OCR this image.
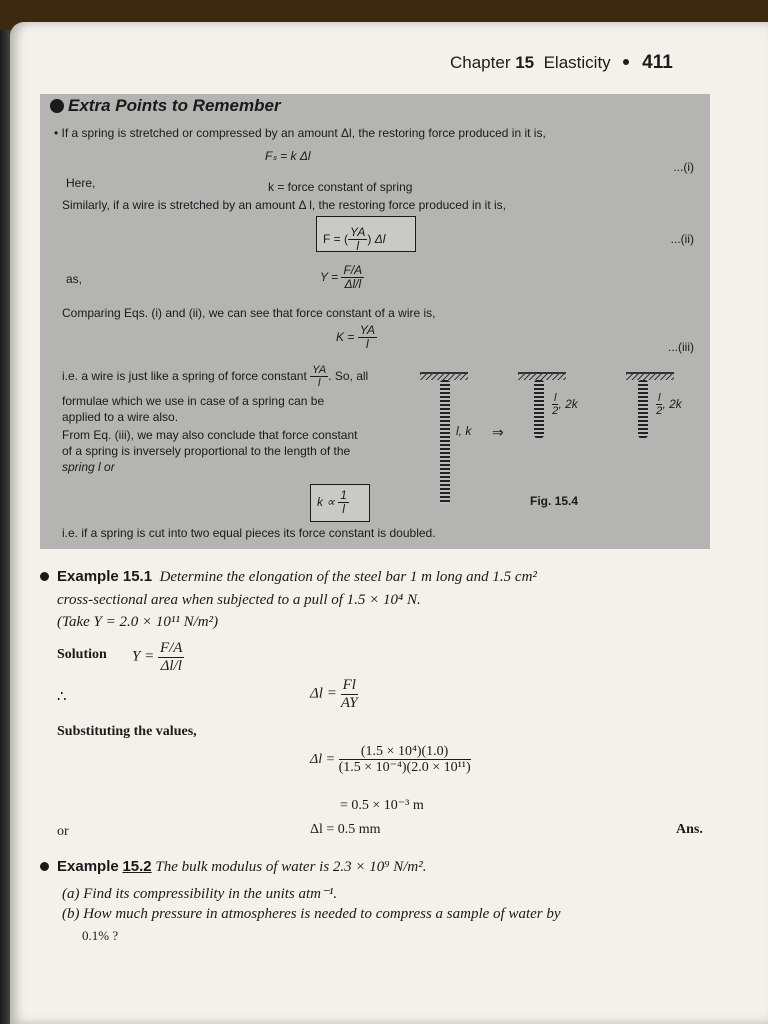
Chapter 15 Elasticity 411
Extra Points to Remember
• If a spring is stretched or compressed by an amount Δl, the restoring force produced in it is,
Fₛ = k Δl
...(i)
Here,	k = force constant of spring
Similarly, if a wire is stretched by an amount Δ l, the restoring force produced in it is,
F = ( $\frac{YA}{l}$ ) Δl	...(ii)
as,	$Y = \frac{F/A}{\Delta l/l}$
Comparing Eqs. (i) and (ii), we can see that force constant of a wire is,
$K = \frac{YA}{l}$	...(iii)
i.e. a wire is just like a spring of force constant $\frac{YA}{l}$ . So, all
formulae which we use in case of a spring can be
applied to a wire also.
From Eq. (iii), we may also conclude that force constant
of a spring is inversely proportional to the length of the
spring l or
$k \propto \frac{1}{l}$
l, k ⇒
$\frac{l}{2}$ , 2k	$\frac{l}{2}$ , 2k
Fig. 15.4
i.e. if a spring is cut into two equal pieces its force constant is doubled.
Example 15.1 Determine the elongation of the steel bar 1 m long and 1.5 cm²
cross-sectional area when subjected to a pull of 1.5 × 10⁴ N.
(Take Y = 2.0 × 10¹¹ N/m²)
Solution $Y = \frac{F/A}{\Delta l/l}$
∴	$\Delta l = \frac{Fl}{AY}$
Substituting the values,
$\Delta l = \frac{\text{(1.5 × 10⁴)(1.0)}}{\text{(1.5 × 10⁻⁴)(2.0 × 10¹¹)}}$
= 0.5 × 10⁻³ m
or	Δl = 0.5 mm	Ans.
Example 15.2 The bulk modulus of water is 2.3 × 10⁹ N/m².
(a) Find its compressibility in the units atm⁻¹.
(b) How much pressure in atmospheres is needed to compress a sample of water by
0.1% ?
